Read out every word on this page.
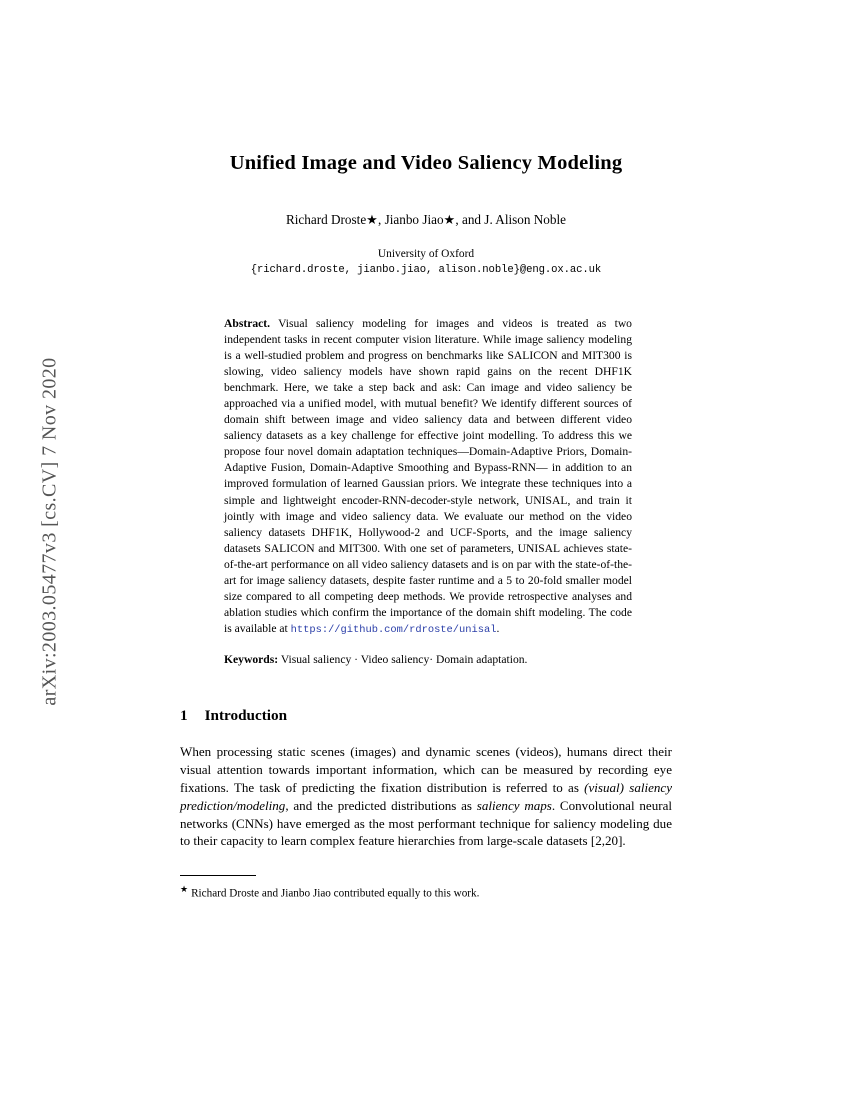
arXiv:2003.05477v3 [cs.CV] 7 Nov 2020
Unified Image and Video Saliency Modeling
Richard Droste★, Jianbo Jiao★, and J. Alison Noble
University of Oxford
{richard.droste, jianbo.jiao, alison.noble}@eng.ox.ac.uk
Abstract. Visual saliency modeling for images and videos is treated as two independent tasks in recent computer vision literature. While image saliency modeling is a well-studied problem and progress on benchmarks like SALICON and MIT300 is slowing, video saliency models have shown rapid gains on the recent DHF1K benchmark. Here, we take a step back and ask: Can image and video saliency be approached via a unified model, with mutual benefit? We identify different sources of domain shift between image and video saliency data and between different video saliency datasets as a key challenge for effective joint modelling. To address this we propose four novel domain adaptation techniques—Domain-Adaptive Priors, Domain-Adaptive Fusion, Domain-Adaptive Smoothing and Bypass-RNN— in addition to an improved formulation of learned Gaussian priors. We integrate these techniques into a simple and lightweight encoder-RNN-decoder-style network, UNISAL, and train it jointly with image and video saliency data. We evaluate our method on the video saliency datasets DHF1K, Hollywood-2 and UCF-Sports, and the image saliency datasets SALICON and MIT300. With one set of parameters, UNISAL achieves state-of-the-art performance on all video saliency datasets and is on par with the state-of-the-art for image saliency datasets, despite faster runtime and a 5 to 20-fold smaller model size compared to all competing deep methods. We provide retrospective analyses and ablation studies which confirm the importance of the domain shift modeling. The code is available at https://github.com/rdroste/unisal.
Keywords: Visual saliency · Video saliency· Domain adaptation.
1 Introduction
When processing static scenes (images) and dynamic scenes (videos), humans direct their visual attention towards important information, which can be measured by recording eye fixations. The task of predicting the fixation distribution is referred to as (visual) saliency prediction/modeling, and the predicted distributions as saliency maps. Convolutional neural networks (CNNs) have emerged as the most performant technique for saliency modeling due to their capacity to learn complex feature hierarchies from large-scale datasets [2,20].
★ Richard Droste and Jianbo Jiao contributed equally to this work.
